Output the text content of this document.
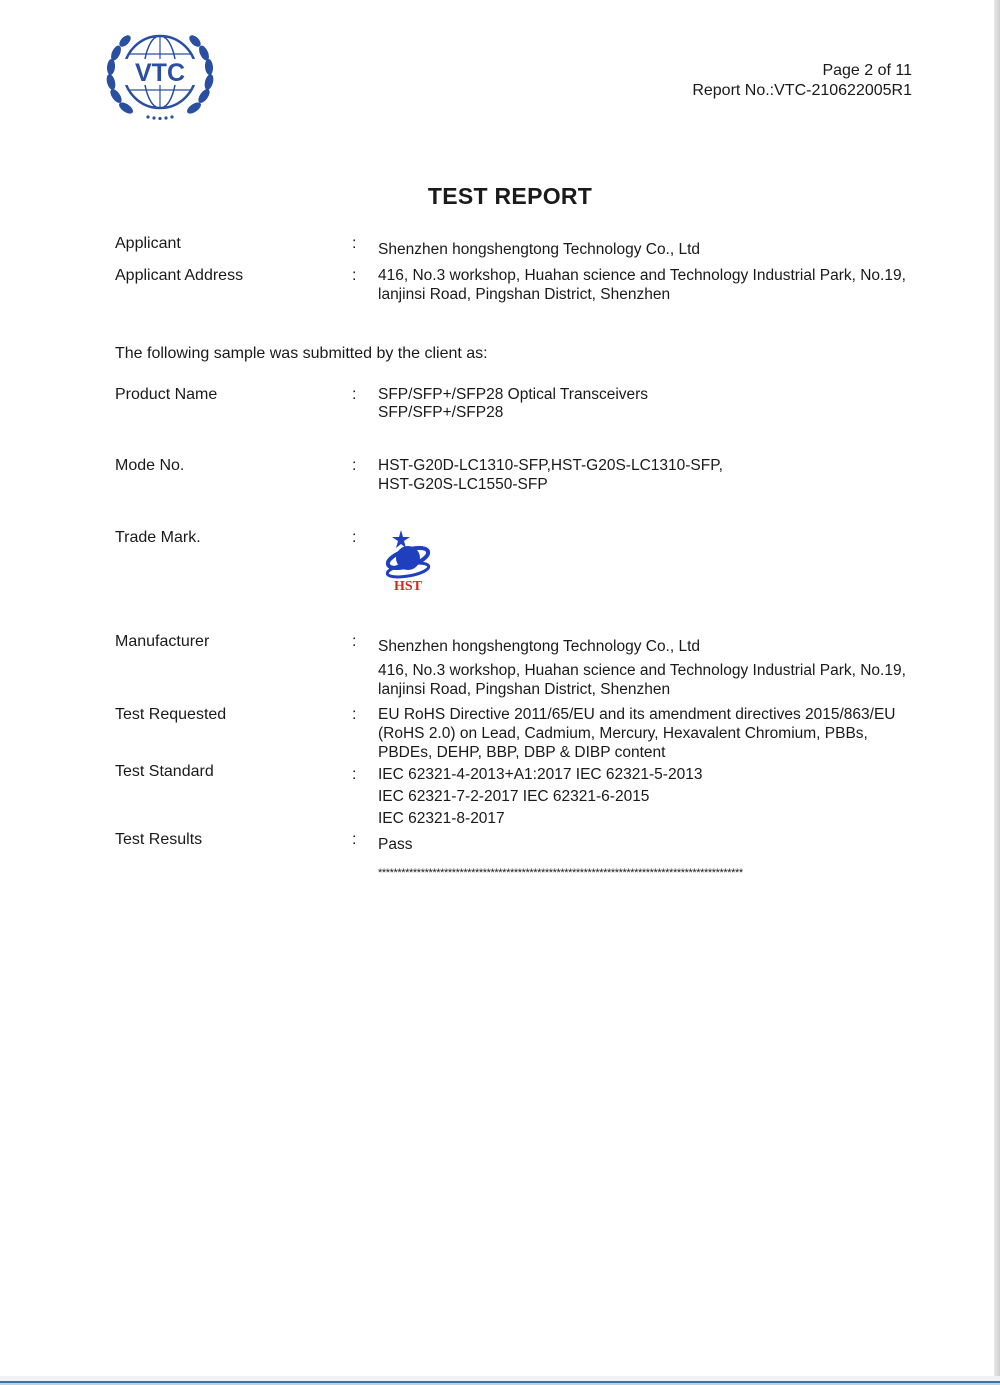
VTC	Page 2 of 11
Report No.:VTC-210622005R1
TEST REPORT
Applicant	: Shenzhen hongshengtong Technology Co., Ltd
Applicant Address	: 416, No.3 workshop, Huahan science and Technology Industrial Park, No.19,
lanjinsi Road, Pingshan District, Shenzhen
The following sample was submitted by the client as:
Product Name	: SFP/SFP+/SFP28 Optical Transceivers
SFP/SFP+/SFP28
Mode No.	: HST-G20D-LC1310-SFP,HST-G20S-LC1310-SFP,
HST-G20S-LC1550-SFP
Trade Mark.	:
HST
Manufacturer	: Shenzhen hongshengtong Technology Co., Ltd
416, No.3 workshop, Huahan science and Technology Industrial Park, No.19,
lanjinsi Road, Pingshan District, Shenzhen
Test Requested	: EU RoHS Directive 2011/65/EU and its amendment directives 2015/863/EU
(RoHS 2.0) on Lead, Cadmium, Mercury, Hexavalent Chromium, PBBs,
PBDEs, DEHP, BBP, DBP & DIBP content
Test Standard	: IEC 62321-4-2013+A1:2017 IEC 62321-5-2013
IEC 62321-7-2-2017 IEC 62321-6-2015
IEC 62321-8-2017
Test Results	: Pass
**********************************************************************************************
